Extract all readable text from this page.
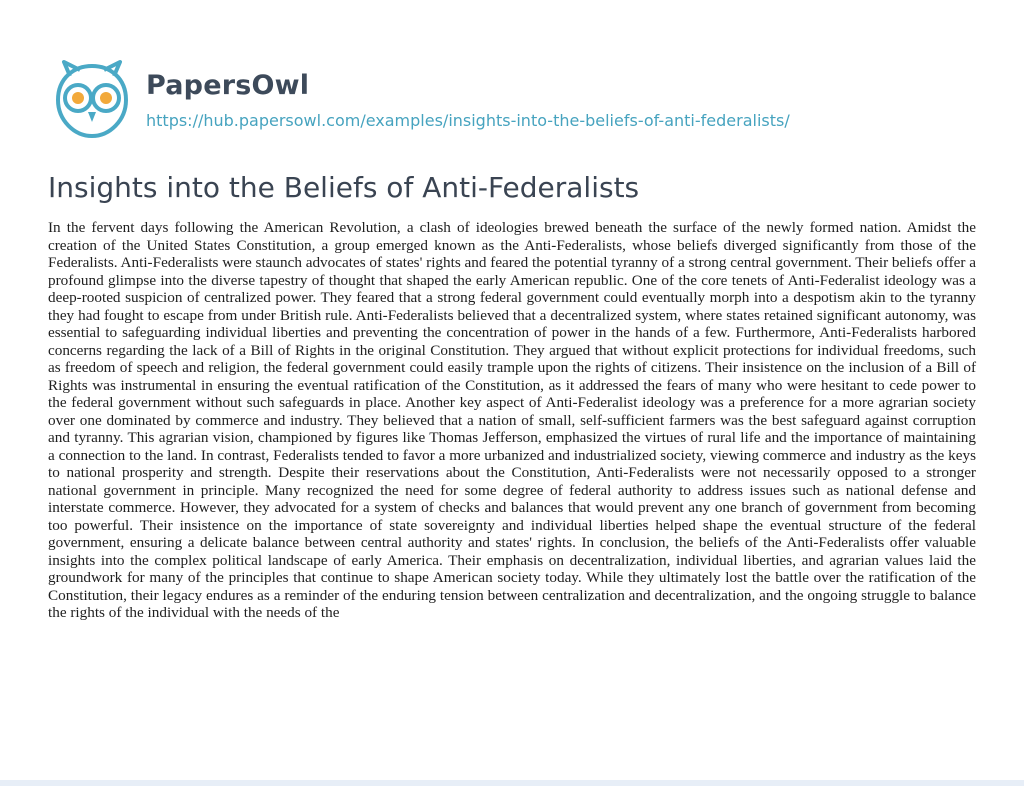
PapersOwl
https://hub.papersowl.com/examples/insights-into-the-beliefs-of-anti-federalists/
Insights into the Beliefs of Anti-Federalists

In the fervent days following the American Revolution, a clash of ideologies brewed beneath the surface of the newly formed nation. Amidst the creation of the United States Constitution, a group emerged known as the Anti-Federalists, whose beliefs diverged significantly from those of the Federalists. Anti-Federalists were staunch advocates of states' rights and feared the potential tyranny of a strong central government. Their beliefs offer a profound glimpse into the diverse tapestry of thought that shaped the early American republic. One of the core tenets of Anti-Federalist ideology was a deep-rooted suspicion of centralized power. They feared that a strong federal government could eventually morph into a despotism akin to the tyranny they had fought to escape from under British rule. Anti-Federalists believed that a decentralized system, where states retained significant autonomy, was essential to safeguarding individual liberties and preventing the concentration of power in the hands of a few. Furthermore, Anti-Federalists harbored concerns regarding the lack of a Bill of Rights in the original Constitution. They argued that without explicit protections for individual freedoms, such as freedom of speech and religion, the federal government could easily trample upon the rights of citizens. Their insistence on the inclusion of a Bill of Rights was instrumental in ensuring the eventual ratification of the Constitution, as it addressed the fears of many who were hesitant to cede power to the federal government without such safeguards in place. Another key aspect of Anti-Federalist ideology was a preference for a more agrarian society over one dominated by commerce and industry. They believed that a nation of small, self-sufficient farmers was the best safeguard against corruption and tyranny. This agrarian vision, championed by figures like Thomas Jefferson, emphasized the virtues of rural life and the importance of maintaining a connection to the land. In contrast, Federalists tended to favor a more urbanized and industrialized society, viewing commerce and industry as the keys to national prosperity and strength. Despite their reservations about the Constitution, Anti-Federalists were not necessarily opposed to a stronger national government in principle. Many recognized the need for some degree of federal authority to address issues such as national defense and interstate commerce. However, they advocated for a system of checks and balances that would prevent any one branch of government from becoming too powerful. Their insistence on the importance of state sovereignty and individual liberties helped shape the eventual structure of the federal government, ensuring a delicate balance between central authority and states' rights. In conclusion, the beliefs of the Anti-Federalists offer valuable insights into the complex political landscape of early America. Their emphasis on decentralization, individual liberties, and agrarian values laid the groundwork for many of the principles that continue to shape American society today. While they ultimately lost the battle over the ratification of the Constitution, their legacy endures as a reminder of the enduring tension between centralization and decentralization, and the ongoing struggle to balance the rights of the individual with the needs of the
